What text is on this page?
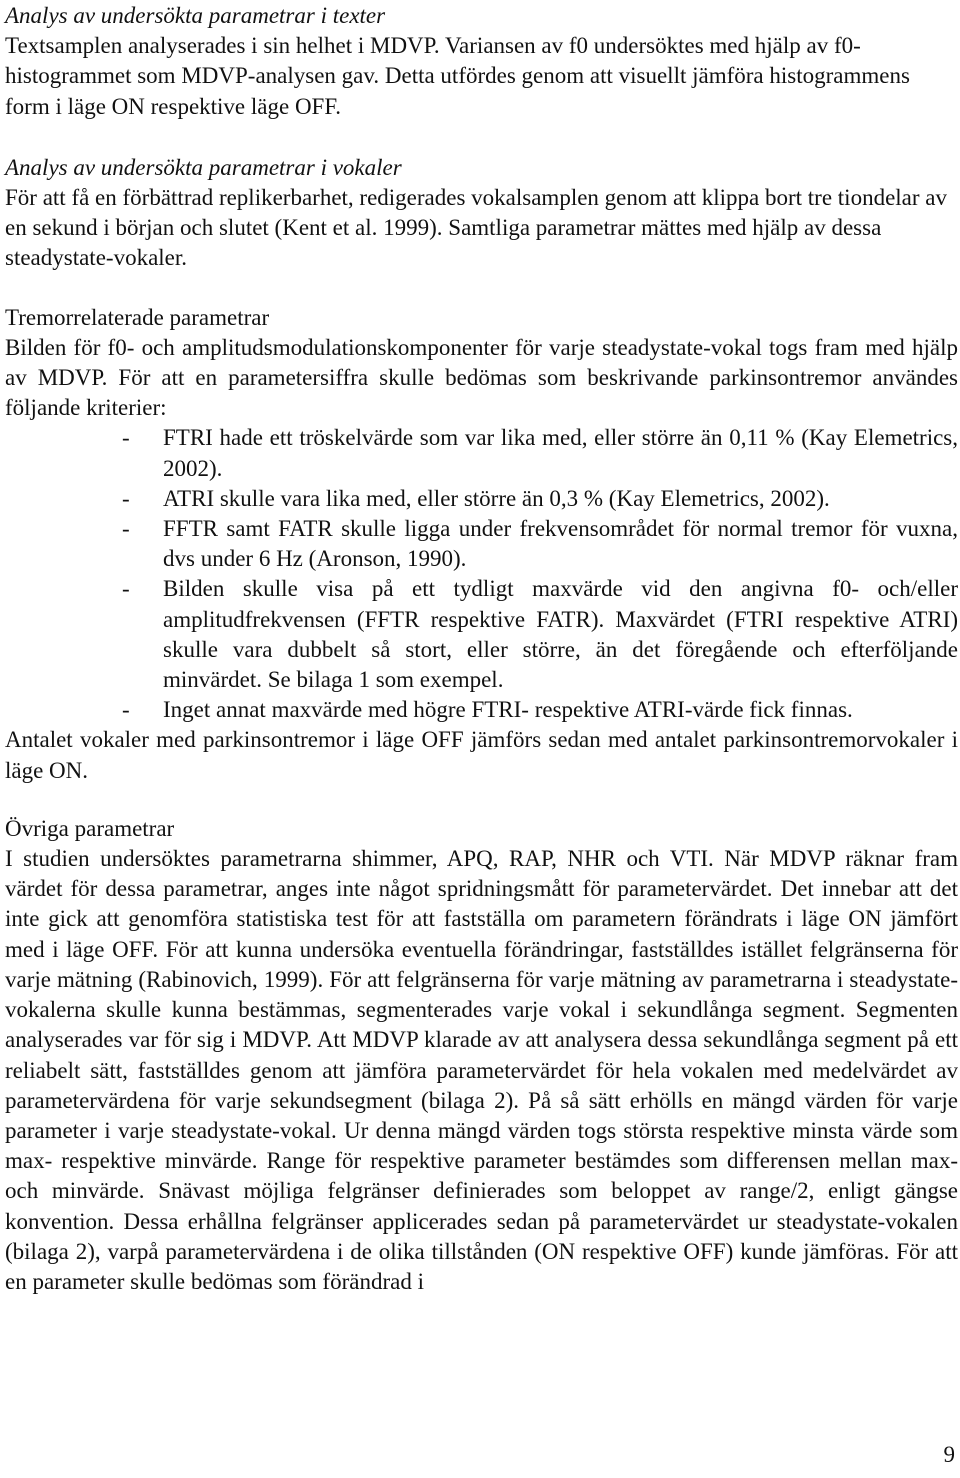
Analys av undersökta parametrar i texter

Textsamplen analyserades i sin helhet i MDVP. Variansen av f0 undersöktes med hjälp av f0-histogrammet som MDVP-analysen gav. Detta utfördes genom att visuellt jämföra histogrammens form i läge ON respektive läge OFF.

Analys av undersökta parametrar i vokaler

För att få en förbättrad replikerbarhet, redigerades vokalsamplen genom att klippa bort tre tiondelar av en sekund i början och slutet (Kent et al. 1999). Samtliga parametrar mättes med hjälp av dessa steadystate-vokaler.

Tremorrelaterade parametrar

Bilden för f0- och amplitudsmodulationskomponenter för varje steadystate-vokal togs fram med hjälp av MDVP. För att en parametersiffra skulle bedömas som beskrivande parkinsontremor användes följande kriterier:

- FTRI hade ett tröskelvärde som var lika med, eller större än 0,11 % (Kay Elemetrics, 2002).
- ATRI skulle vara lika med, eller större än 0,3 % (Kay Elemetrics, 2002).
- FFTR samt FATR skulle ligga under frekvensområdet för normal tremor för vuxna, dvs under 6 Hz (Aronson, 1990).
- Bilden skulle visa på ett tydligt maxvärde vid den angivna f0- och/eller amplitudfrekvensen (FFTR respektive FATR). Maxvärdet (FTRI respektive ATRI) skulle vara dubbelt så stort, eller större, än det föregående och efterföljande minvärdet. Se bilaga 1 som exempel.
- Inget annat maxvärde med högre FTRI- respektive ATRI-värde fick finnas.

Antalet vokaler med parkinsontremor i läge OFF jämförs sedan med antalet parkinsontremorvokaler i läge ON.

Övriga parametrar

I studien undersöktes parametrarna shimmer, APQ, RAP, NHR och VTI. När MDVP räknar fram värdet för dessa parametrar, anges inte något spridningsmått för parametervärdet. Det innebar att det inte gick att genomföra statistiska test för att fastställa om parametern förändrats i läge ON jämfört med i läge OFF. För att kunna undersöka eventuella förändringar, fastställdes istället felgränserna för varje mätning (Rabinovich, 1999). För att felgränserna för varje mätning av parametrarna i steadystate-vokalerna skulle kunna bestämmas, segmenterades varje vokal i sekundlånga segment. Segmenten analyserades var för sig i MDVP. Att MDVP klarade av att analysera dessa sekundlånga segment på ett reliabelt sätt, fastställdes genom att jämföra parametervärdet för hela vokalen med medelvärdet av parametervärdena för varje sekundsegment (bilaga 2). På så sätt erhölls en mängd värden för varje parameter i varje steadystate-vokal. Ur denna mängd värden togs största respektive minsta värde som max- respektive minvärde. Range för respektive parameter bestämdes som differensen mellan max- och minvärde. Snävast möjliga felgränser definierades som beloppet av range/2, enligt gängse konvention. Dessa erhållna felgränser applicerades sedan på parametervärdet ur steadystate-vokalen (bilaga 2), varpå parametervärdena i de olika tillstånden (ON respektive OFF) kunde jämföras. För att en parameter skulle bedömas som förändrad i

9
